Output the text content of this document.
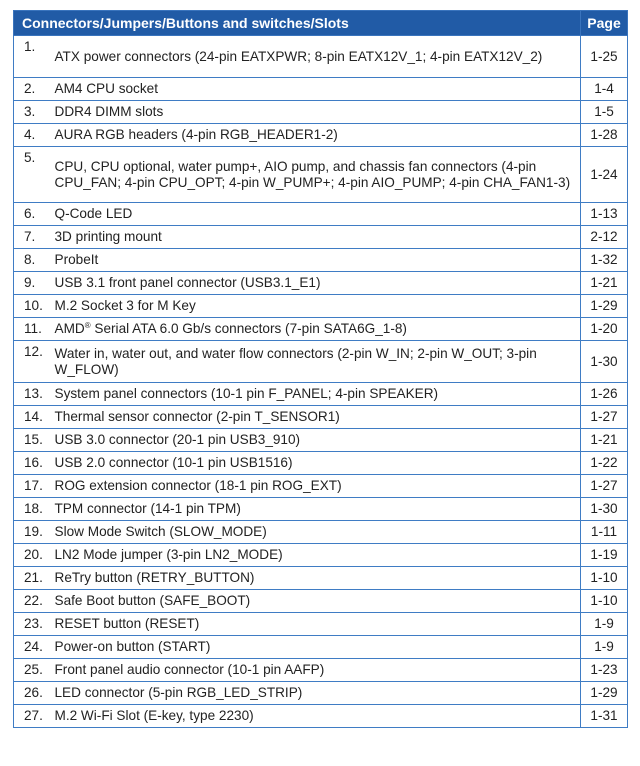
Connectors/Jumpers/Buttons and switches/Slots		Page
1.	ATX power connectors (24-pin EATXPWR; 8-pin EATX12V_1; 4-pin EATX12V_2)	1-25
2.	AM4 CPU socket	1-4
3.	DDR4 DIMM slots	1-5
4.	AURA RGB headers (4-pin RGB_HEADER1-2)	1-28
5.	CPU, CPU optional, water pump+, AIO pump, and chassis fan connectors (4-pin CPU_FAN; 4-pin CPU_OPT; 4-pin W_PUMP+; 4-pin AIO_PUMP; 4-pin CHA_FAN1-3)	1-24
6.	Q-Code LED	1-13
7.	3D printing mount	2-12
8.	ProbeIt	1-32
9.	USB 3.1 front panel connector (USB3.1_E1)	1-21
10.	M.2 Socket 3 for M Key	1-29
11.	AMD® Serial ATA 6.0 Gb/s connectors (7-pin SATA6G_1-8)	1-20
12.	Water in, water out, and water flow connectors (2-pin W_IN; 2-pin W_OUT; 3-pin W_FLOW)	1-30
13.	System panel connectors (10-1 pin F_PANEL; 4-pin SPEAKER)	1-26
14.	Thermal sensor connector (2-pin T_SENSOR1)	1-27
15.	USB 3.0 connector (20-1 pin USB3_910)	1-21
16.	USB 2.0 connector (10-1 pin USB1516)	1-22
17.	ROG extension connector (18-1 pin ROG_EXT)	1-27
18.	TPM connector (14-1 pin TPM)	1-30
19.	Slow Mode Switch (SLOW_MODE)	1-11
20.	LN2 Mode jumper (3-pin LN2_MODE)	1-19
21.	ReTry button (RETRY_BUTTON)	1-10
22.	Safe Boot button (SAFE_BOOT)	1-10
23.	RESET button (RESET)	1-9
24.	Power-on button (START)	1-9
25.	Front panel audio connector (10-1 pin AAFP)	1-23
26.	LED connector (5-pin RGB_LED_STRIP)	1-29
27.	M.2 Wi-Fi Slot (E-key, type 2230)	1-31
